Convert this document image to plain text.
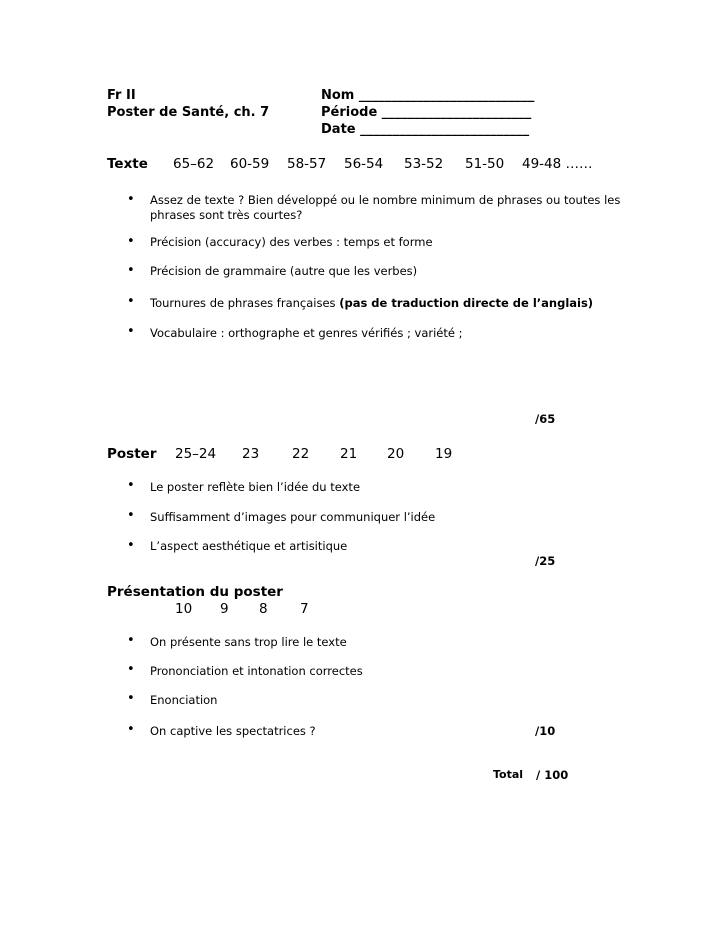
Fr II
Poster de Santé, ch. 7
Nom ___________________________
Période _______________________
Date __________________________
Texte 65–62 60-59 58-57 56-54 53-52 51-50 49-48 ……
• Assez de texte ? Bien développé ou le nombre minimum de phrases ou toutes les phrases sont très courtes?
• Précision (accuracy) des verbes : temps et forme
• Précision de grammaire (autre que les verbes)
• Tournures de phrases françaises (pas de traduction directe de l’anglais)
• Vocabulaire : orthographe et genres vérifiés ; variété ;
/65
Poster 25–24 23 22 21 20 19
• Le poster reflète bien l’idée du texte
• Suffisamment d’images pour communiquer l’idée
• L’aspect aesthétique et artisitique
/25
Présentation du poster
10 9 8 7
• On présente sans trop lire le texte
• Prononciation et intonation correctes
• Enonciation
• On captive les spectatrices ?	/10
Total / 100
